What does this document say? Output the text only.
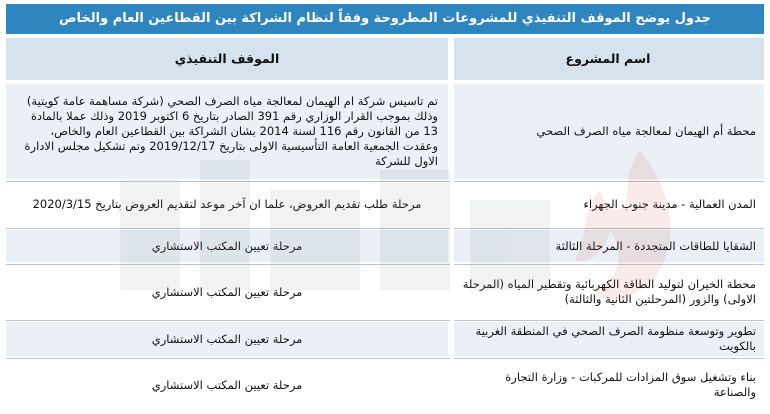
جدول يوضح الموقف التنفيذي للمشروعات المطروحة وفقاً لنظام الشراكة بين القطاعين العام والخاص
اسم المشروع
الموقف التنفيذي
محطة أم الهيمان لمعالجة مياه الصرف الصحي
تم تاسيس شركة ام الهيمان لمعالجة مياه الصرف الصحي (شركة مساهمة عامة كويتية) وذلك بموجب القرار الوزاري رقم 391 الصادر بتاريخ 6 اكتوبر 2019 وذلك عملا بالمادة 13 من القانون رقم 116 لسنة 2014 بشان الشراكة بين القطاعين العام والخاص، وعقدت الجمعية العامة التأسيسية الاولى بتاريخ 2019/12/17 وتم تشكيل مجلس الادارة الاول للشركة
المدن العمالية - مدينة جنوب الجهراء
مرحلة طلب تقديم العروض، علما ان آخر موعد لتقديم العروض بتاريخ 2020/3/15
الشقايا للطاقات المتجددة - المرحلة الثالثة
مرحلة تعيين المكتب الاستشاري
محطة الخيران لتوليد الطاقة الكهربائية وتقطير المياه (المرحلة الاولى) والزور (المرحلتين الثانية والثالثة)
مرحلة تعيين المكتب الاستشاري
تطوير وتوسعة منظومة الصرف الصحي في المنطقة الغربية بالكويت
مرحلة تعيين المكتب الاستشاري
بناء وتشغيل سوق المزادات للمركبات - وزارة التجارة والصناعة
مرحلة تعيين المكتب الاستشاري
